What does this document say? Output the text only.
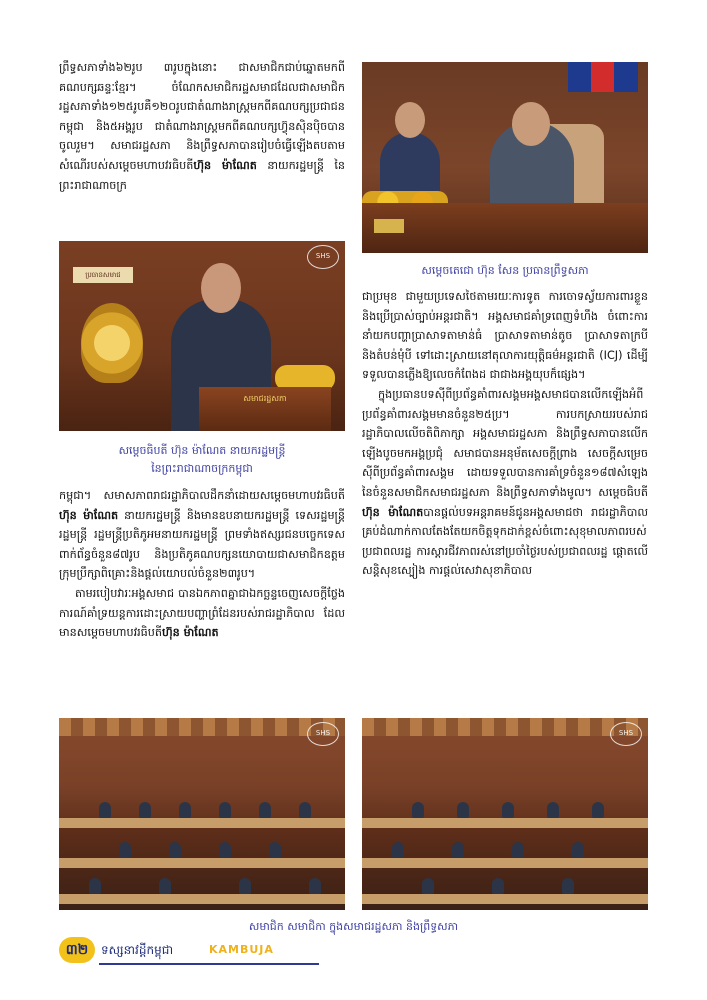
ព្រឹទ្ធសភាទាំង៦២រូប ៣រូបក្នុងនោះ ជាសមាជិកជាប់ឆ្នោតមកពីគណបក្សឆន្ទៈខ្មែរ។ ចំណែកសមាជិករដ្ឋសមាជដែលជាសមាជិករដ្ឋសភាទាំង១២៥រូបគឺ១២០រូបជាតំណាងរាស្ត្រមកពីគណបក្សប្រជាជនកម្ពុជា និង៥អង្គរូប ជាតំណាងរាស្ត្រមកពីគណបក្សហ៊្វុនស៊ិនប៉ិចបានចូលរួម។ សមាជរដ្ឋសភា និងព្រឹទ្ធសភាបានរៀបចំធ្វើឡើងតបតាមសំណើរបស់សម្តេចមហាបវរធិបតីហ៊ុន ម៉ាណែត នាយករដ្ឋមន្ត្រី នៃព្រះរាជាណាចក្រ

ប្រធានសមាជ
សមាជរដ្ឋសភា
SHS
សម្តេចតេជោ ហ៊ុន សែន ប្រធានព្រឹទ្ធសភា
សម្តេចធិបតី ហ៊ុន ម៉ាណែត នាយករដ្ឋមន្ត្រី
នៃព្រះរាជាណាចក្រកម្ពុជា

កម្ពុជា។ សមាសភាពរាជរដ្ឋាភិបាលដឹកនាំដោយសម្តេចមហាបវរធិបតីហ៊ុន ម៉ាណែត នាយករដ្ឋមន្ត្រី និងមានឧបនាយករដ្ឋមន្ត្រី ទេសរដ្ឋមន្ត្រី រដ្ឋមន្ត្រី រដ្ឋមន្ត្រីប្រតិភូអមនាយករដ្ឋមន្ត្រី ព្រមទាំងឥស្សរជនបច្ចេកទេសពាក់ព័ន្ធចំនួន៨៧រូប និងប្រតិភូគណបក្សនយោបាយជាសមាជិកឧត្តមក្រុមប្រឹក្សាពិគ្រោះនិងផ្តល់យោបល់ចំនួន២៣រូប។

តាមរបៀបវារៈអង្គសមាជ បានឯកភាពគ្នាជាឯកច្ឆន្ទចេញសេចក្តីថ្លែងការណ៍គាំទ្រយន្តការដោះស្រាយបញ្ហាព្រំដែនរបស់រាជរដ្ឋាភិបាល ដែលមានសម្តេចមហាបវរធិបតីហ៊ុន ម៉ាណែត

ជាប្រមុខ ជាមួយប្រទេសថៃតាមរយៈការទូត ការចោទស្វ័យការពារខ្លួននិងប្រើប្រាស់ច្បាប់អន្តរជាតិ។ អង្គសមាជគាំទ្រពេញទំហឹង ចំពោះការនាំយកបញ្ហាប្រាសាទតាមាន់ធំ ប្រាសាទតាមាន់តូច ប្រាសាទតាក្របី និងតំបន់មុំបី ទៅដោះស្រាយនៅតុលាការយុត្តិធម៌អន្តរជាតិ (ICJ) ដើម្បីទទួលបានភ្លើងឱ្យលេចកំពែងដ ជាជាងអង្គយុបក៏ផ្សេង។

ក្នុងប្រធានបទស៊ីពីប្រព័ន្ធគាំពារសង្គមអង្គសមាជបានលើកឡើងអំពីប្រព័ន្ធគាំពារសង្គមមានចំនួន២៥ប្រ។ ការបកស្រាយរបស់រាជរដ្ឋាភិបាលលើចតិពិភាក្សា អង្គសមាជរដ្ឋសភា និងព្រឹទ្ធសភាបានលើកឡើងបូចមកអង្គប្រជុំ សមាជបានអនុម័តសេចក្តីព្រាង សេចក្តីសម្រេច ស៊ីពីប្រព័ន្ធគាំពារសង្គម ដោយទទួលបានការគាំទ្រចំនួន១៨៧សំឡេង នៃចំនួនសមាជិកសមាជរដ្ឋសភា និងព្រឹទ្ធសភាទាំងមូល។ សម្តេចធិបតីហ៊ុន ម៉ាណែតបានផ្តល់បទអន្តរាគមន៍ជូនអង្គសមាជថា រាជរដ្ឋាភិបាលគ្រប់ដំណាក់កាលតែងតែយកចិត្តទុកដាក់ខ្ពស់ចំពោះសុខុមាលភាពរបស់ប្រជាពលរដ្ឋ ការស្តារជីវភាពរស់នៅប្រចាំថ្ងៃរបស់ប្រជាពលរដ្ឋ ផ្តោតលើសន្តិសុខស្បៀង ការផ្តល់សេវាសុខាភិបាល

SHS	SHS
សមាជិក សមាជិកា ក្នុងសមាជរដ្ឋសភា និងព្រឹទ្ធសភា
៣២	ទស្សនាវដ្តីកម្ពុជា	KAMBUJA
